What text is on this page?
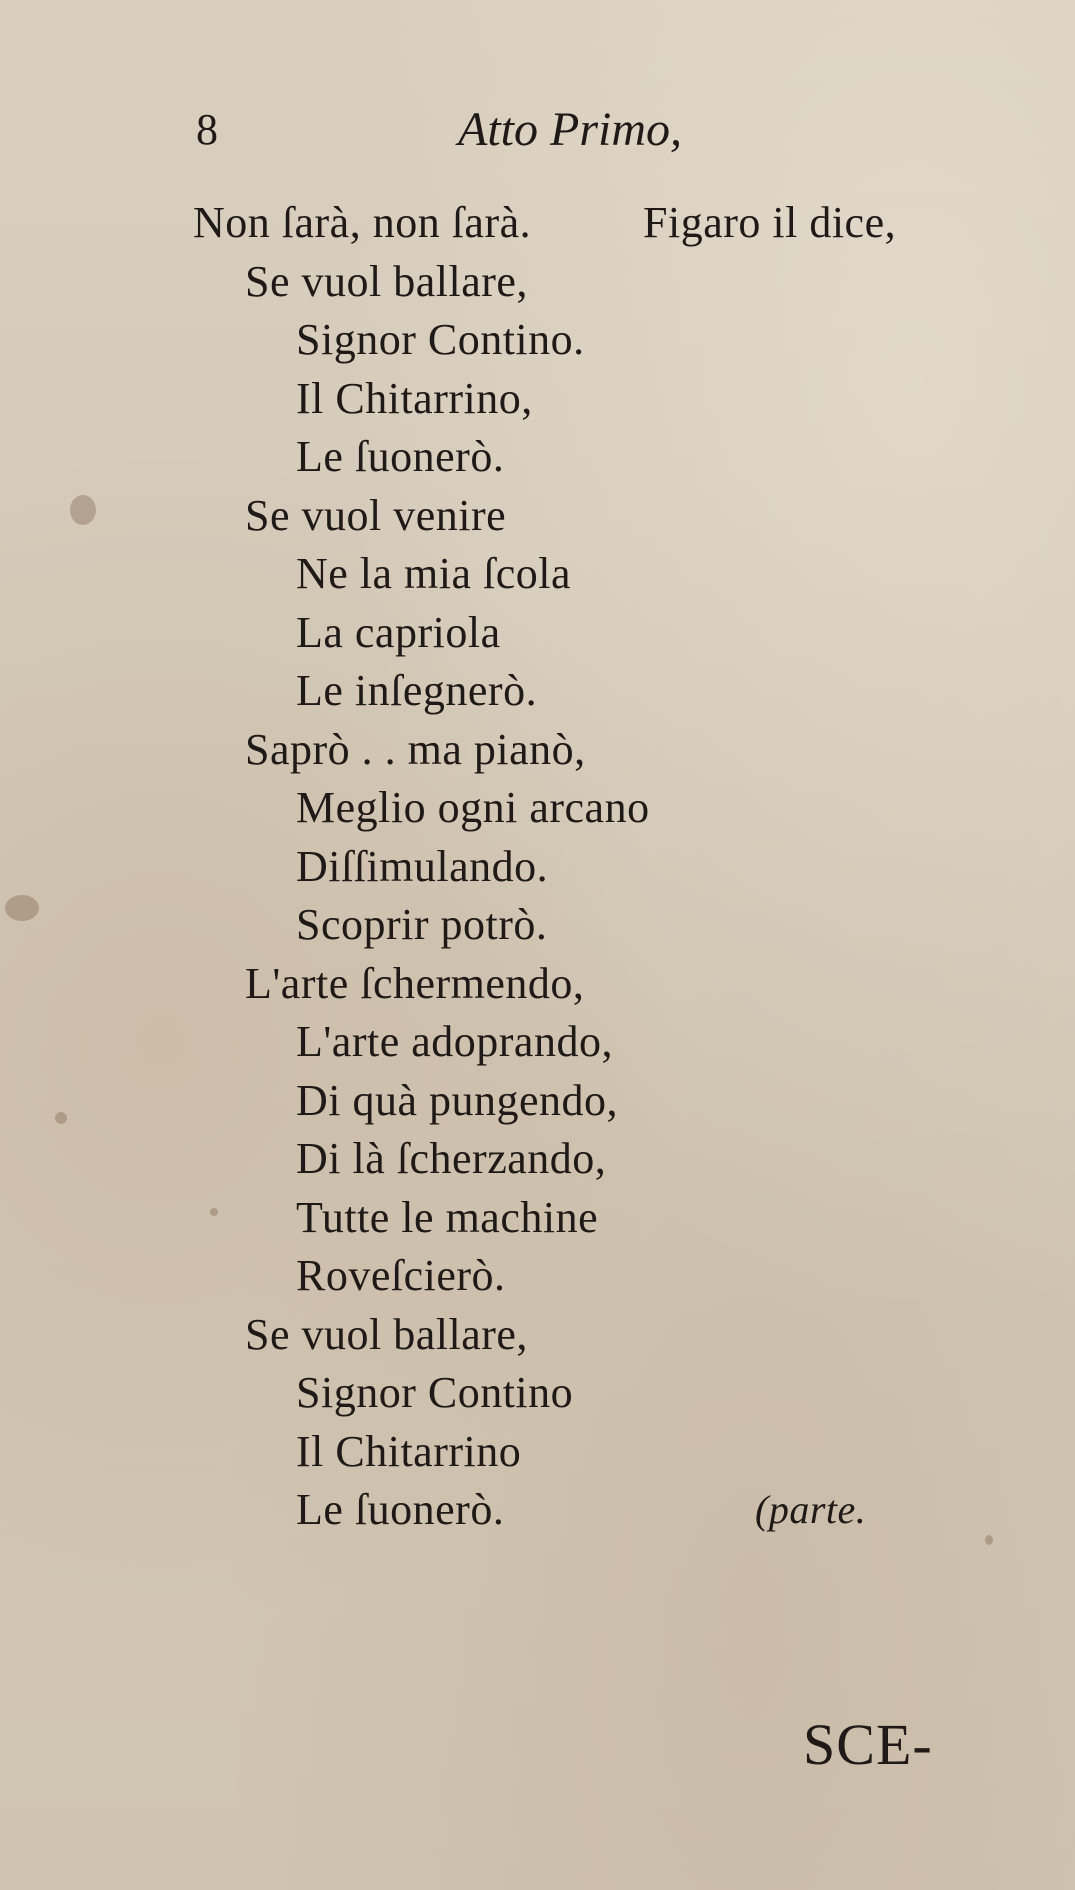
8	Atto Primo,
Non ſarà, non ſarà.	Figaro il dice,
Se vuol ballare,
Signor Contino.
Il Chitarrino,
Le ſuonerò.
Se vuol venire
Ne la mia ſcola
La capriola
Le inſegnerò.
Saprò . . ma pianò,
Meglio ogni arcano
Diſſimulando.
Scoprir potrò.
L'arte ſchermendo,
L'arte adoprando,
Di quà pungendo,
Di là ſcherzando,
Tutte le machine
Roveſcierò.
Se vuol ballare,
Signor Contino
Il Chitarrino
Le ſuonerò.	(parte.
SCE-
